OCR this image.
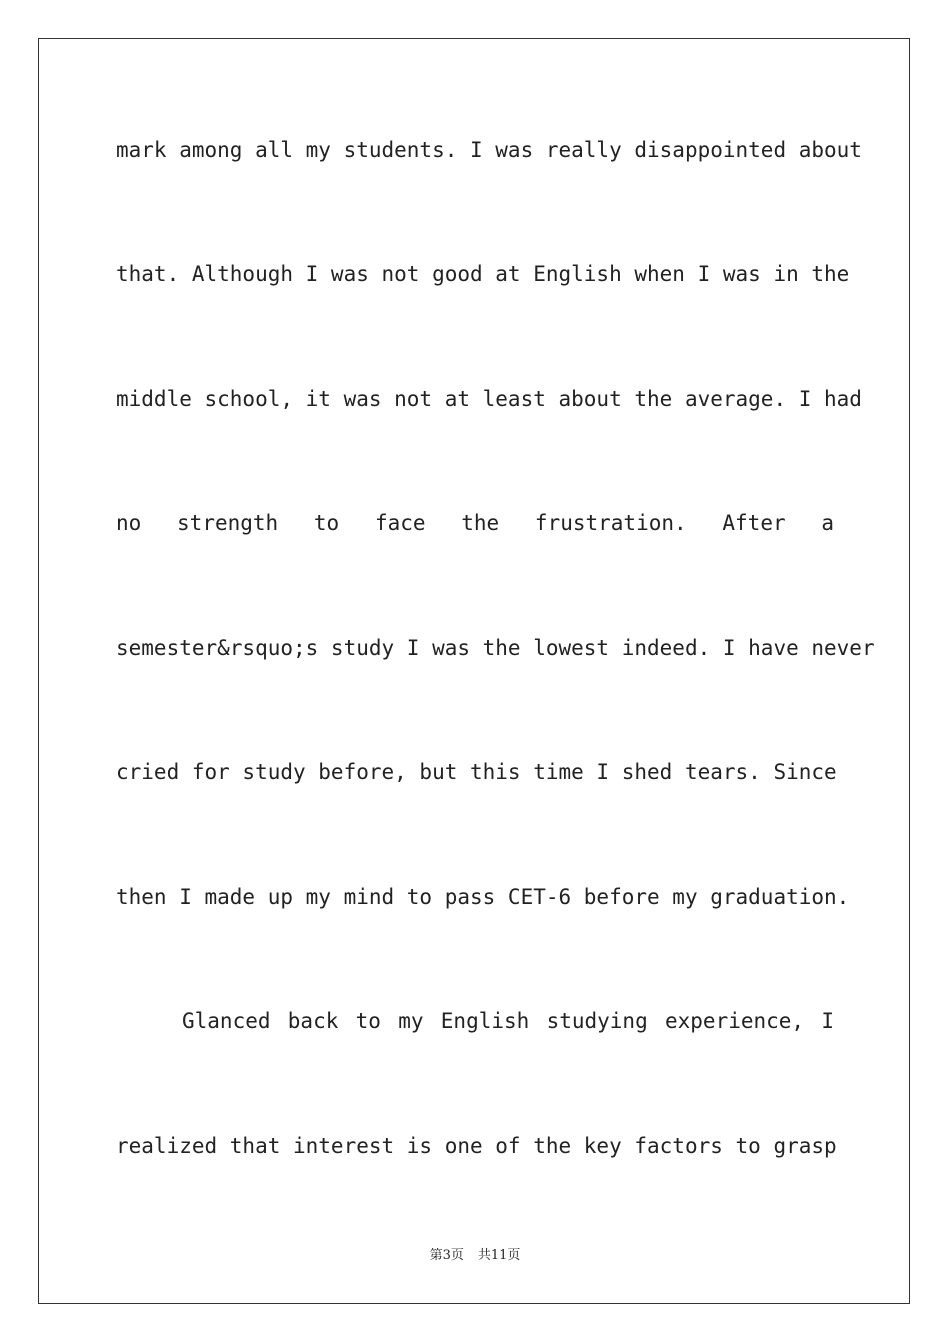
mark among all my students. I was really disappointed about
that. Although I was not good at English when I was in the
middle school, it was not at least about the average. I had
no strength to face the frustration. After a
semester&rsquo;s study I was the lowest indeed. I have never
cried for study before, but this time I shed tears. Since
then I made up my mind to pass CET-6 before my graduation.
Glanced back to my English studying experience, I
realized that interest is one of the key factors to grasp
第3页 共11页
